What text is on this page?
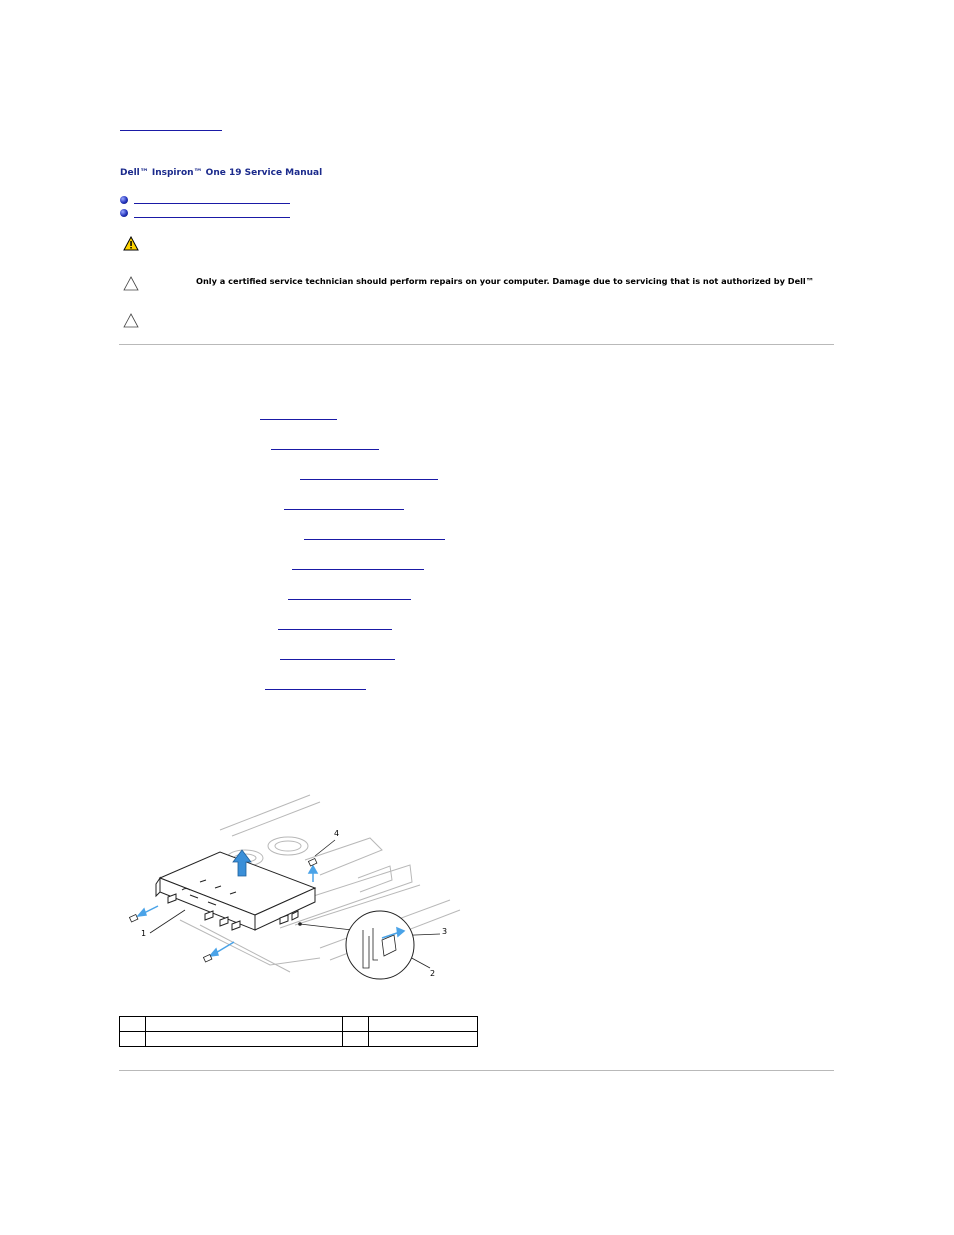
Dell™ Inspiron™ One 19 Service Manual
Only a certified service technician should perform repairs on your computer. Damage due to servicing that is not authorized by Dell™
1
2
3
4
